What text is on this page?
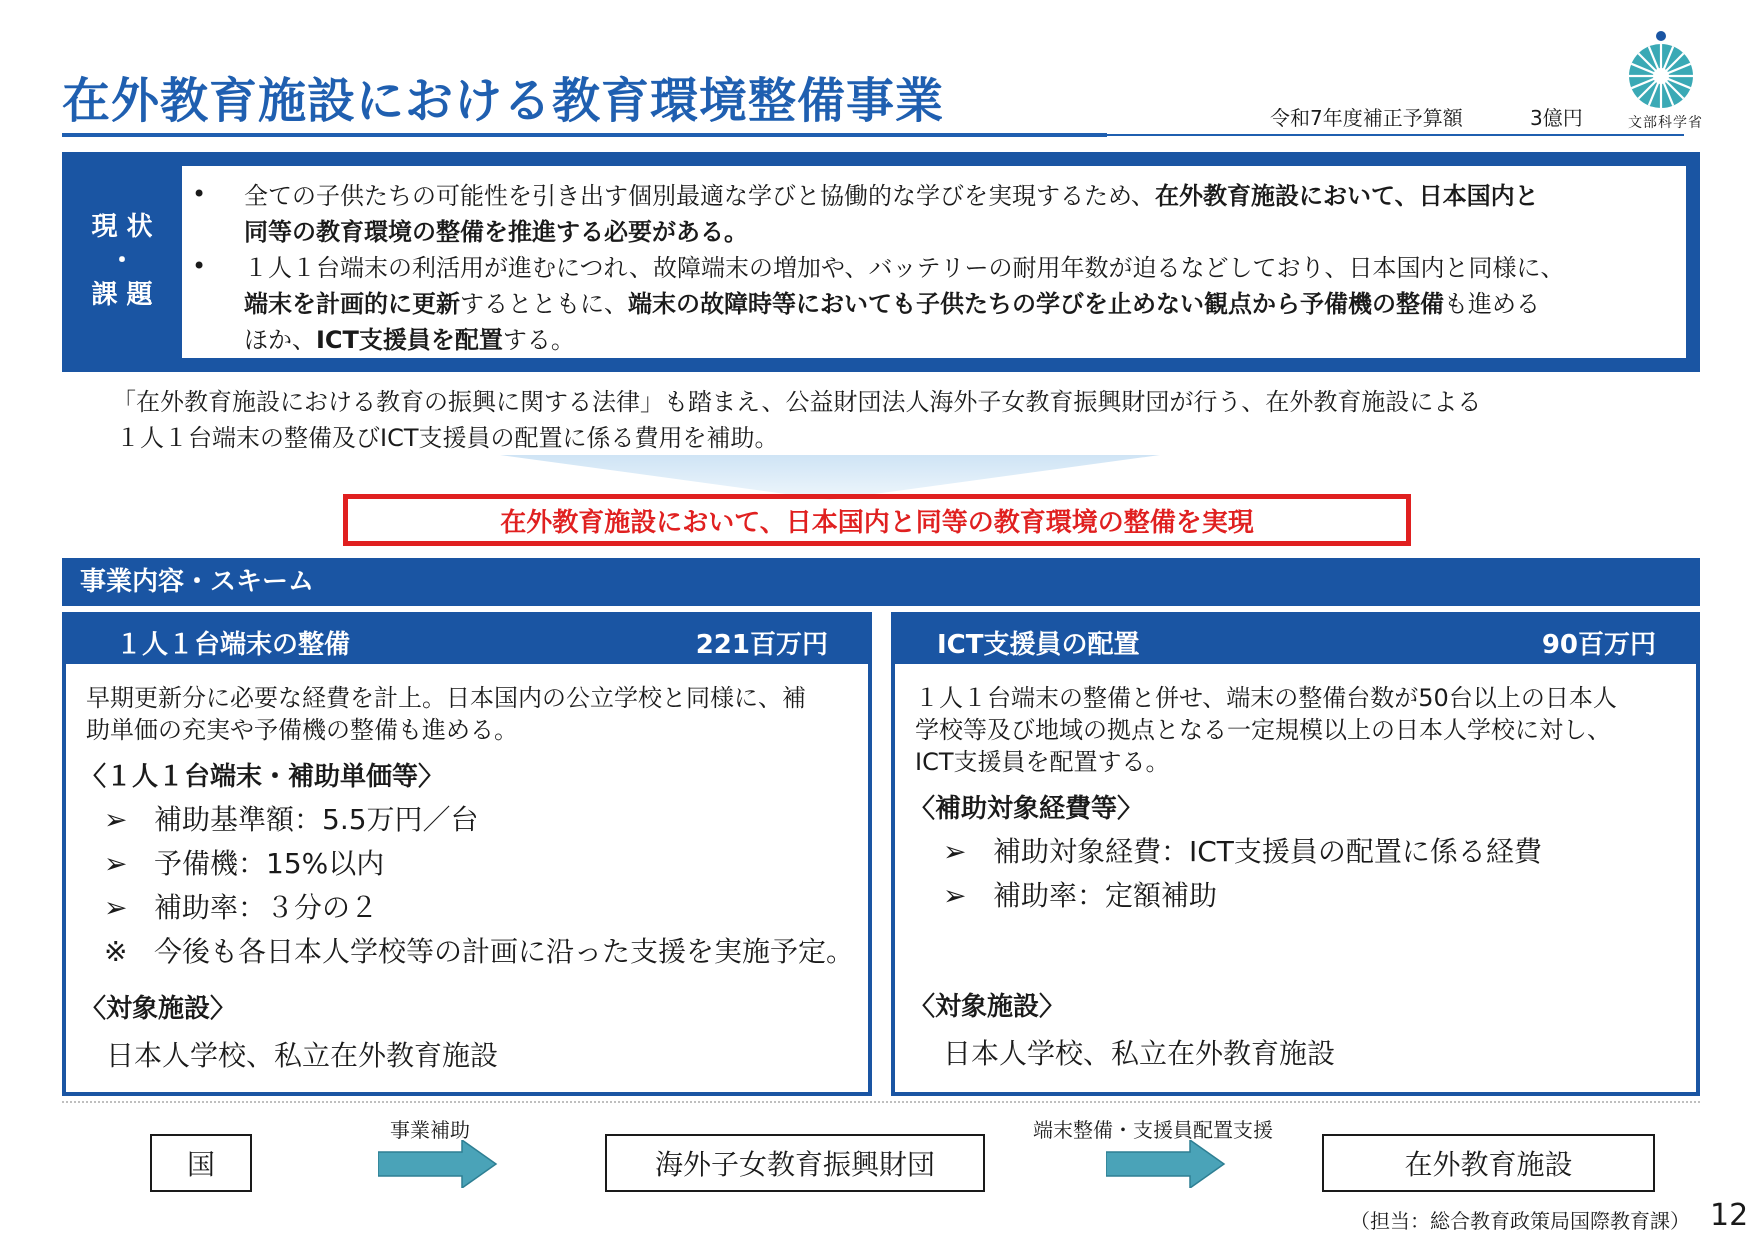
在外教育施設における教育環境整備事業	令和7年度補正予算額	3億円	文部科学省
現 状
・
課 題
• 全ての子供たちの可能性を引き出す個別最適な学びと協働的な学びを実現するため、在外教育施設において、日本国内と
同等の教育環境の整備を推進する必要がある。
• １人１台端末の利活用が進むにつれ、故障端末の増加や、バッテリーの耐用年数が迫るなどしており、日本国内と同様に、
端末を計画的に更新するとともに、端末の故障時等においても子供たちの学びを止めない観点から予備機の整備も進める
ほか、ICT支援員を配置する。
「在外教育施設における教育の振興に関する法律」も踏まえ、公益財団法人海外子女教育振興財団が行う、在外教育施設による
１人１台端末の整備及びICT支援員の配置に係る費用を補助。
在外教育施設において、日本国内と同等の教育環境の整備を実現
事業内容・スキーム
１人１台端末の整備	221百万円
早期更新分に必要な経費を計上。日本国内の公立学校と同様に、補
助単価の充実や予備機の整備も進める。
〈１人１台端末・補助単価等〉
➢ 補助基準額：5.5万円／台
➢ 予備機：15%以内
➢ 補助率：３分の２
※ 今後も各日本人学校等の計画に沿った支援を実施予定。
〈対象施設〉
日本人学校、私立在外教育施設
ICT支援員の配置	90百万円
１人１台端末の整備と併せ、端末の整備台数が50台以上の日本人
学校等及び地域の拠点となる一定規模以上の日本人学校に対し、
ICT支援員を配置する。
〈補助対象経費等〉
➢ 補助対象経費：ICT支援員の配置に係る経費
➢ 補助率：定額補助
〈対象施設〉
日本人学校、私立在外教育施設
国
事業補助
海外子女教育振興財団
端末整備・支援員配置支援
在外教育施設
（担当：総合教育政策局国際教育課） 12
